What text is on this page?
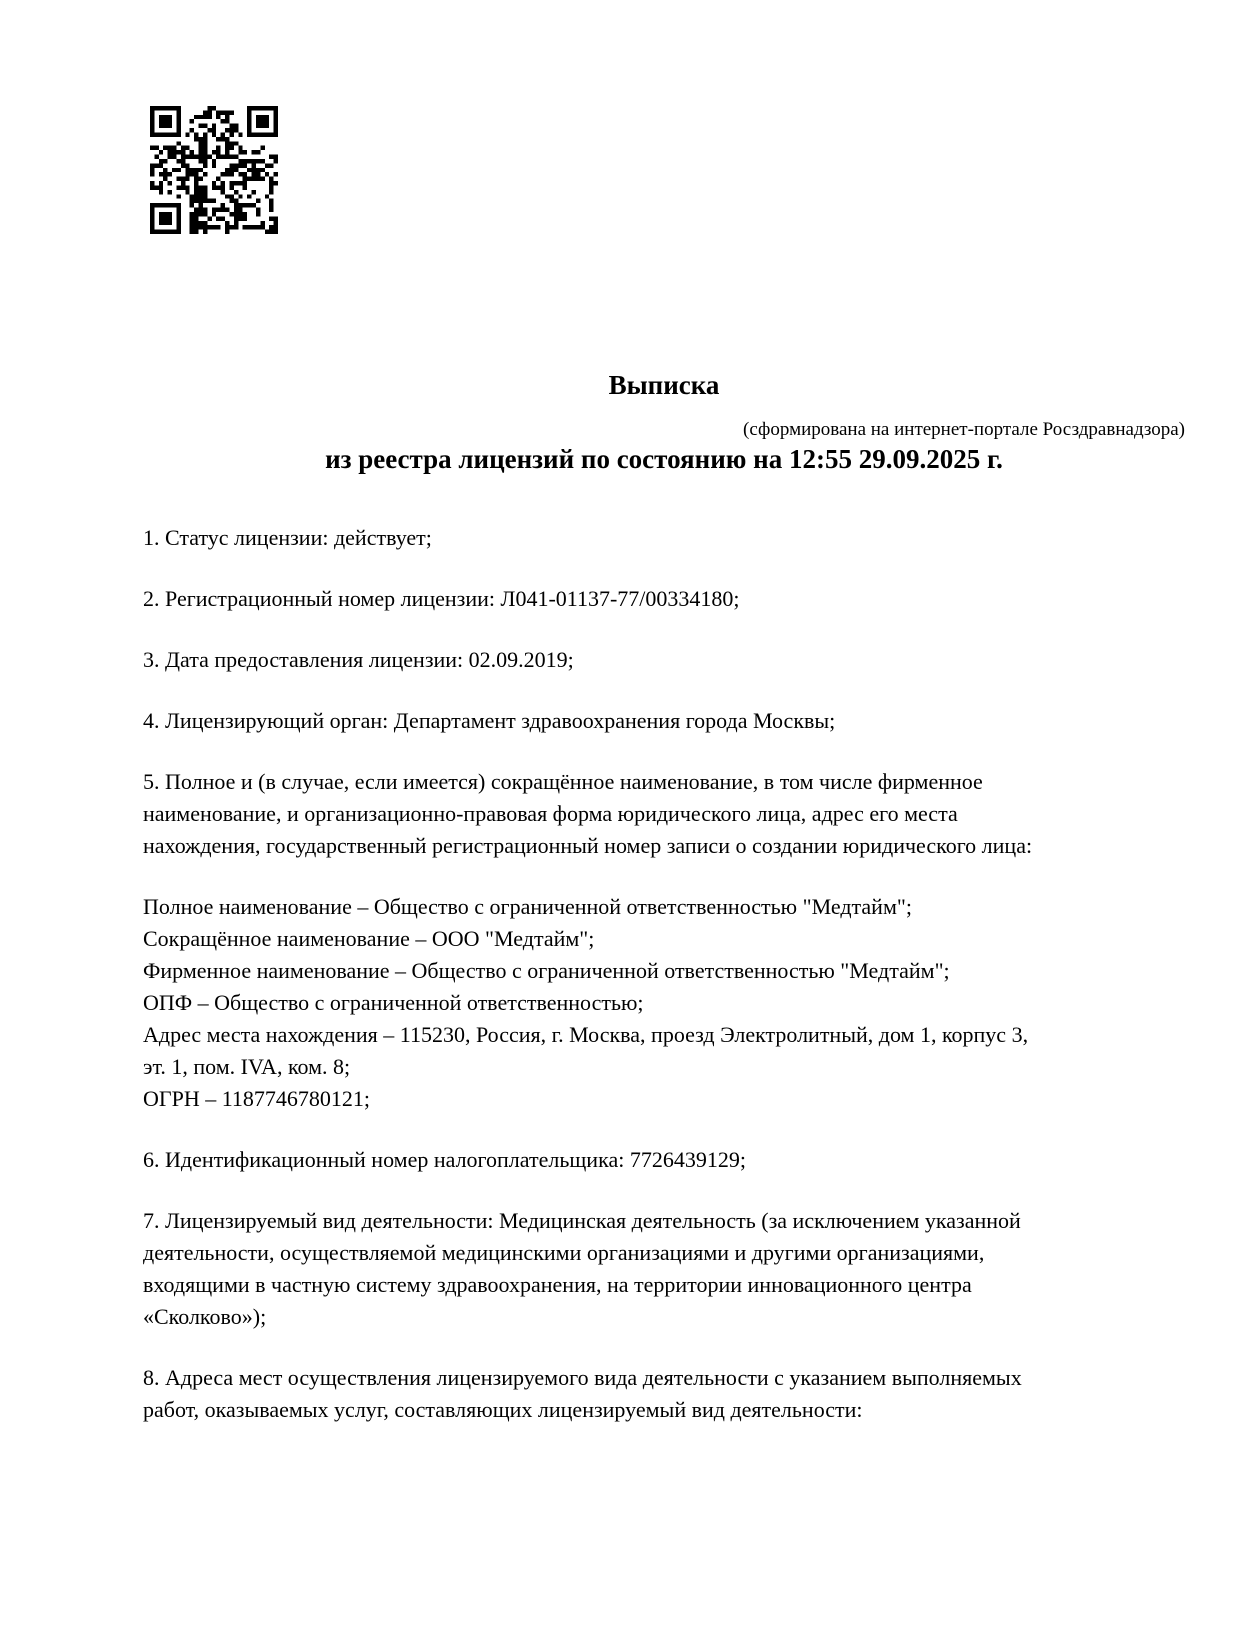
Выписка

из реестра лицензий по состоянию на 12:55 29.09.2025 г.

(сформирована на интернет-портале Росздравнадзора)

1. Статус лицензии: действует;

2. Регистрационный номер лицензии: Л041-01137-77/00334180;

3. Дата предоставления лицензии: 02.09.2019;

4. Лицензирующий орган: Департамент здравоохранения города Москвы;

5. Полное и (в случае, если имеется) сокращённое наименование, в том числе фирменное
наименование, и организационно-правовая форма юридического лица, адрес его места
нахождения, государственный регистрационный номер записи о создании юридического лица:

Полное наименование – Общество с ограниченной ответственностью "Медтайм";
Сокращённое наименование – ООО "Медтайм";
Фирменное наименование – Общество с ограниченной ответственностью "Медтайм";
ОПФ – Общество с ограниченной ответственностью;
Адрес места нахождения – 115230, Россия, г. Москва, проезд Электролитный, дом 1, корпус 3,
эт. 1, пом. IVA, ком. 8;
ОГРН – 1187746780121;

6. Идентификационный номер налогоплательщика: 7726439129;

7. Лицензируемый вид деятельности: Медицинская деятельность (за исключением указанной
деятельности, осуществляемой медицинскими организациями и другими организациями,
входящими в частную систему здравоохранения, на территории инновационного центра
«Сколково»);

8. Адреса мест осуществления лицензируемого вида деятельности с указанием выполняемых
работ, оказываемых услуг, составляющих лицензируемый вид деятельности:
